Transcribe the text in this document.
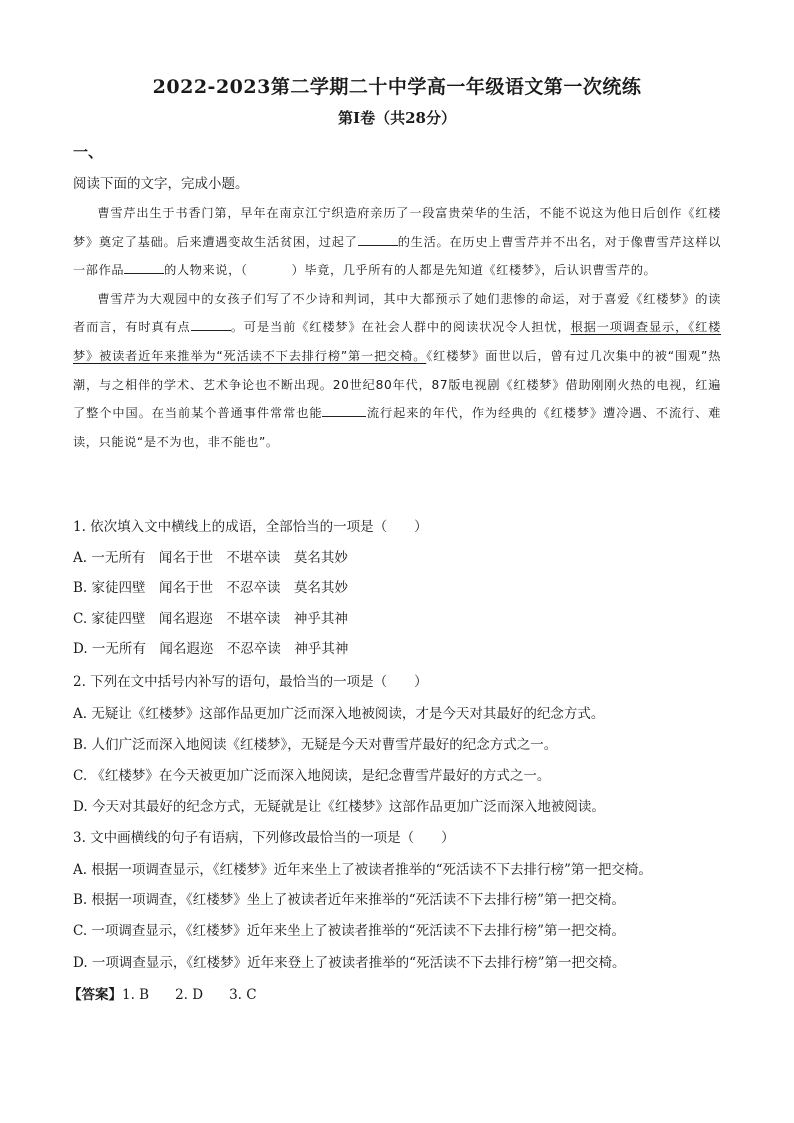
2022-2023第二学期二十中学高一年级语文第一次统练
第I卷（共28分）
一、
阅读下面的文字，完成小题。

曹雪芹出生于书香门第，早年在南京江宁织造府亲历了一段富贵荣华的生活，不能不说这为他日后创作《红楼梦》奠定了基础。后来遭遇变故生活贫困，过起了	的生活。在历史上曹雪芹并不出名，对于像曹雪芹这样以一部作品	的人物来说，（	）毕竟，几乎所有的人都是先知道《红楼梦》，后认识曹雪芹的。

曹雪芹为大观园中的女孩子们写了不少诗和判词，其中大都预示了她们悲惨的命运，对于喜爱《红楼梦》的读者而言，有时真有点	。可是当前《红楼梦》在社会人群中的阅读状况令人担忧，根据一项调查显示，《红楼梦》被读者近年来推举为“死活读不下去排行榜”第一把交椅。《红楼梦》面世以后，曾有过几次集中的被“围观”热潮，与之相伴的学术、艺术争论也不断出现。20世纪80年代，87版电视剧《红楼梦》借助刚刚火热的电视，红遍了整个中国。在当前某个普通事件常常也能	流行起来的年代，作为经典的《红楼梦》遭冷遇、不流行、难读，只能说“是不为也，非不能也”。

1. 依次填入文中横线上的成语，全部恰当的一项是（　　）
A. 一无所有　闻名于世　不堪卒读　莫名其妙
B. 家徒四壁　闻名于世　不忍卒读　莫名其妙
C. 家徒四壁　闻名遐迩　不堪卒读　神乎其神
D. 一无所有　闻名遐迩　不忍卒读　神乎其神
2. 下列在文中括号内补写的语句，最恰当的一项是（　　）
A. 无疑让《红楼梦》这部作品更加广泛而深入地被阅读，才是今天对其最好的纪念方式。
B. 人们广泛而深入地阅读《红楼梦》，无疑是今天对曹雪芹最好的纪念方式之一。
C. 《红楼梦》在今天被更加广泛而深入地阅读，是纪念曹雪芹最好的方式之一。
D. 今天对其最好的纪念方式，无疑就是让《红楼梦》这部作品更加广泛而深入地被阅读。
3. 文中画横线的句子有语病，下列修改最恰当的一项是（　　）
A. 根据一项调查显示，《红楼梦》近年来坐上了被读者推举的“死活读不下去排行榜”第一把交椅。
B. 根据一项调查，《红楼梦》坐上了被读者近年来推举的“死活读不下去排行榜”第一把交椅。
C. 一项调查显示，《红楼梦》近年来坐上了被读者推举的“死活读不下去排行榜”第一把交椅。
D. 一项调查显示，《红楼梦》近年来登上了被读者推举的“死活读不下去排行榜”第一把交椅。
【答案】1. B 2. D 3. C
